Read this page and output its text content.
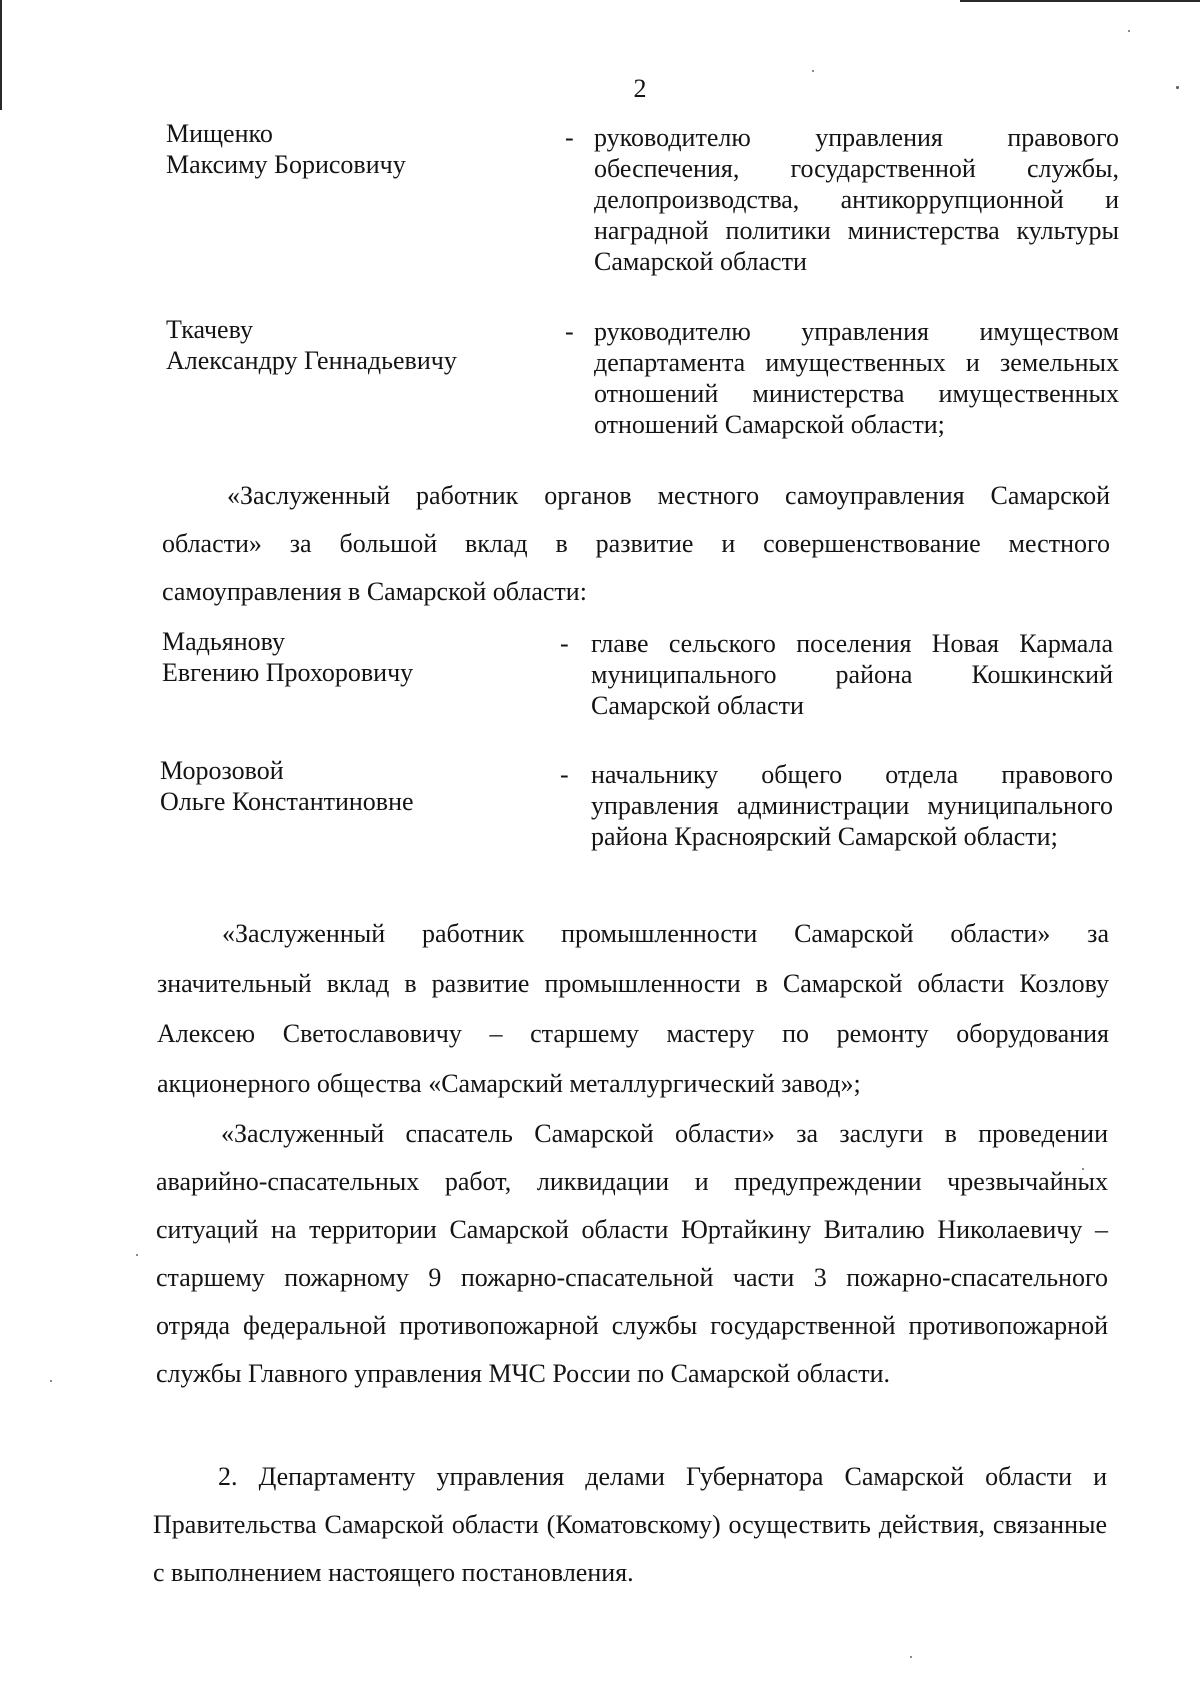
2
Мищенко
Максиму Борисовичу
- руководителю управления правового обеспечения, государственной службы, делопроизводства, антикоррупционной и наградной политики министерства культуры Самарской области
Ткачеву
Александру Геннадьевичу
- руководителю управления имуществом департамента имущественных и земельных отношений министерства имущественных отношений Самарской области;
«Заслуженный работник органов местного самоуправления Самарской области» за большой вклад в развитие и совершенствование местного самоуправления в Самарской области:
Мадьянову
Евгению Прохоровичу
- главе сельского поселения Новая Кармала муниципального района Кошкинский Самарской области
Морозовой
Ольге Константиновне
- начальнику общего отдела правового управления администрации муниципального района Красноярский Самарской области;
«Заслуженный работник промышленности Самарской области» за значительный вклад в развитие промышленности в Самарской области Козлову Алексею Светославовичу – старшему мастеру по ремонту оборудования акционерного общества «Самарский металлургический завод»;
«Заслуженный спасатель Самарской области» за заслуги в проведении аварийно-спасательных работ, ликвидации и предупреждении чрезвычайных ситуаций на территории Самарской области Юртайкину Виталию Николаевичу – старшему пожарному 9 пожарно-спасательной части 3 пожарно-спасательного отряда федеральной противопожарной службы государственной противопожарной службы Главного управления МЧС России по Самарской области.
2. Департаменту управления делами Губернатора Самарской области и Правительства Самарской области (Коматовскому) осуществить действия, связанные с выполнением настоящего постановления.
